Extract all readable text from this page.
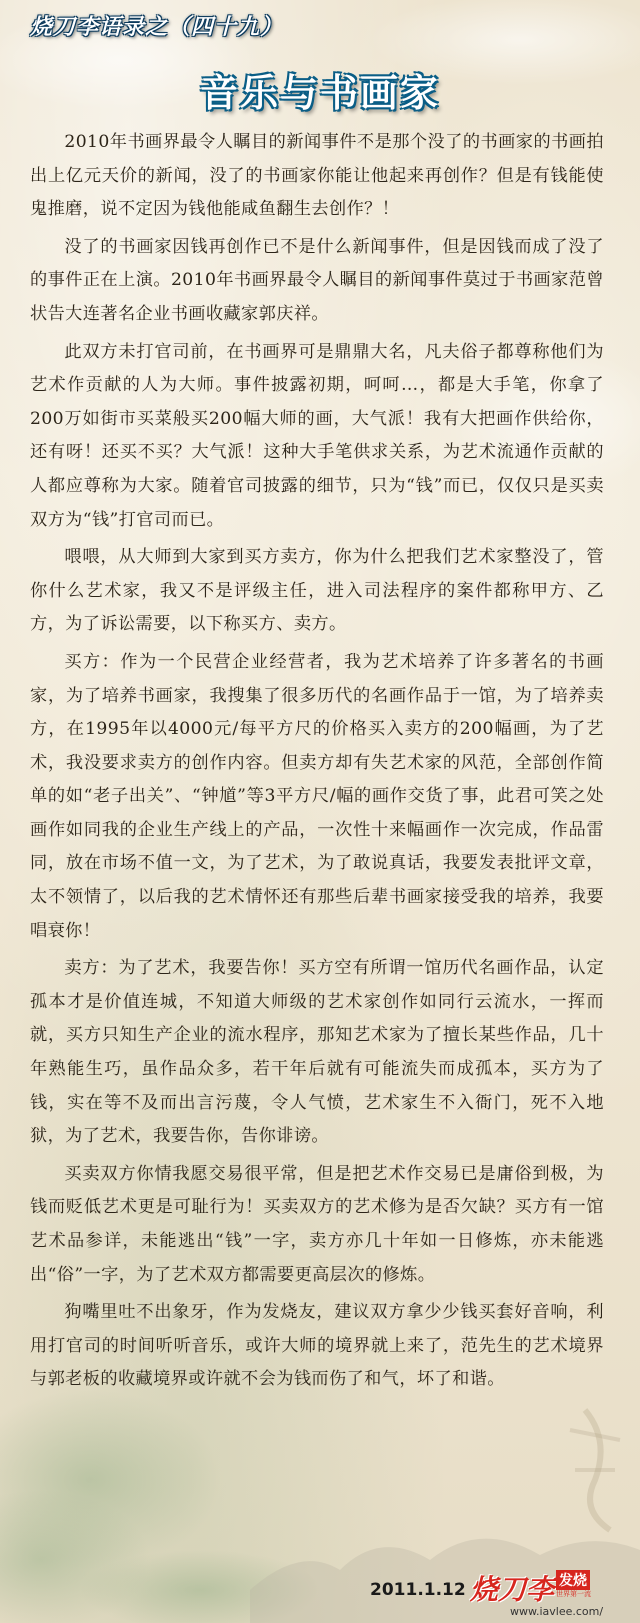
烧刀李语录之（四十九）
音乐与书画家

2010年书画界最令人瞩目的新闻事件不是那个没了的书画家的书画拍出上亿元天价的新闻，没了的书画家你能让他起来再创作？但是有钱能使鬼推磨，说不定因为钱他能咸鱼翻生去创作？！

没了的书画家因钱再创作已不是什么新闻事件，但是因钱而成了没了的事件正在上演。2010年书画界最令人瞩目的新闻事件莫过于书画家范曾状告大连著名企业书画收藏家郭庆祥。

此双方未打官司前，在书画界可是鼎鼎大名，凡夫俗子都尊称他们为艺术作贡献的人为大师。事件披露初期，呵呵…，都是大手笔，你拿了200万如街市买菜般买200幅大师的画，大气派！我有大把画作供给你，还有呀！还买不买？大气派！这种大手笔供求关系，为艺术流通作贡献的人都应尊称为大家。随着官司披露的细节，只为“钱”而已，仅仅只是买卖双方为“钱”打官司而已。

喂喂，从大师到大家到买方卖方，你为什么把我们艺术家整没了，管你什么艺术家，我又不是评级主任，进入司法程序的案件都称甲方、乙方，为了诉讼需要，以下称买方、卖方。

买方：作为一个民营企业经营者，我为艺术培养了许多著名的书画家，为了培养书画家，我搜集了很多历代的名画作品于一馆，为了培养卖方，在1995年以4000元/每平方尺的价格买入卖方的200幅画，为了艺术，我没要求卖方的创作内容。但卖方却有失艺术家的风范，全部创作简单的如“老子出关”、“钟馗”等3平方尺/幅的画作交货了事，此君可笑之处画作如同我的企业生产线上的产品，一次性十来幅画作一次完成，作品雷同，放在市场不值一文，为了艺术，为了敢说真话，我要发表批评文章，太不领情了，以后我的艺术情怀还有那些后辈书画家接受我的培养，我要唱衰你！

卖方：为了艺术，我要告你！买方空有所谓一馆历代名画作品，认定孤本才是价值连城，不知道大师级的艺术家创作如同行云流水，一挥而就，买方只知生产企业的流水程序，那知艺术家为了擅长某些作品，几十年熟能生巧，虽作品众多，若干年后就有可能流失而成孤本，买方为了钱，实在等不及而出言污蔑，令人气愤，艺术家生不入衙门，死不入地狱，为了艺术，我要告你，告你诽谤。

买卖双方你情我愿交易很平常，但是把艺术作交易已是庸俗到极，为钱而贬低艺术更是可耻行为！买卖双方的艺术修为是否欠缺？买方有一馆艺术品参详，未能逃出“钱”一字，卖方亦几十年如一日修炼，亦未能逃出“俗”一字，为了艺术双方都需要更高层次的修炼。

狗嘴里吐不出象牙，作为发烧友，建议双方拿少少钱买套好音响，利用打官司的时间听听音乐，或许大师的境界就上来了，范先生的艺术境界与郭老板的收藏境界或许就不会为钱而伤了和气，坏了和谐。

2011.1.12 烧刀李 发烧
世界第一流
www.iavlee.com/
